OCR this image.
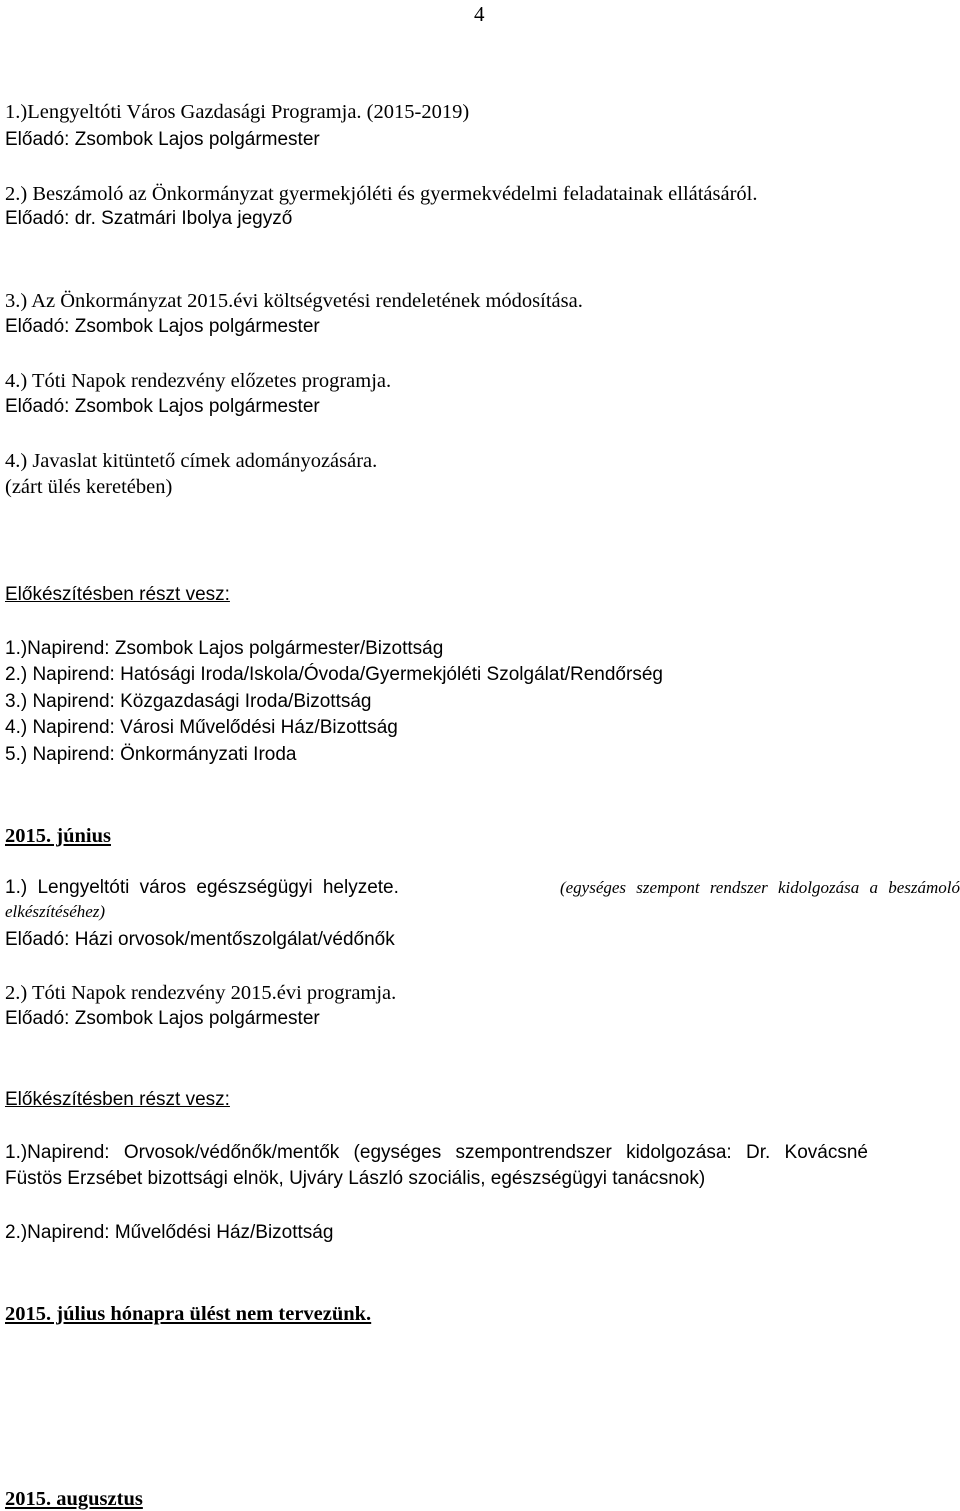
4
1.)Lengyeltóti Város Gazdasági Programja. (2015-2019)
Előadó: Zsombok Lajos polgármester
2.) Beszámoló az Önkormányzat gyermekjóléti és gyermekvédelmi feladatainak ellátásáról.
Előadó: dr. Szatmári Ibolya jegyző
3.) Az Önkormányzat 2015.évi költségvetési rendeletének módosítása.
Előadó: Zsombok Lajos polgármester
4.) Tóti Napok rendezvény előzetes programja.
Előadó: Zsombok Lajos polgármester
4.) Javaslat kitüntető címek adományozására.
(zárt ülés keretében)
Előkészítésben részt vesz:
1.)Napirend: Zsombok Lajos polgármester/Bizottság
2.) Napirend: Hatósági Iroda/Iskola/Óvoda/Gyermekjóléti Szolgálat/Rendőrség
3.) Napirend: Közgazdasági Iroda/Bizottság
4.) Napirend: Városi Művelődési Ház/Bizottság
5.) Napirend: Önkormányzati Iroda
2015. június
1.) Lengyeltóti város egészségügyi helyzete.	(egységes szempont rendszer kidolgozása a beszámoló
elkészítéséhez)
Előadó: Házi orvosok/mentőszolgálat/védőnők
2.) Tóti Napok rendezvény 2015.évi programja.
Előadó: Zsombok Lajos polgármester
Előkészítésben részt vesz:
1.)Napirend: Orvosok/védőnők/mentők (egységes szempontrendszer kidolgozása: Dr. Kovácsné
Füstös Erzsébet bizottsági elnök, Ujváry László szociális, egészségügyi tanácsnok)
2.)Napirend: Művelődési Ház/Bizottság
2015. július hónapra ülést nem tervezünk.
2015. augusztus
